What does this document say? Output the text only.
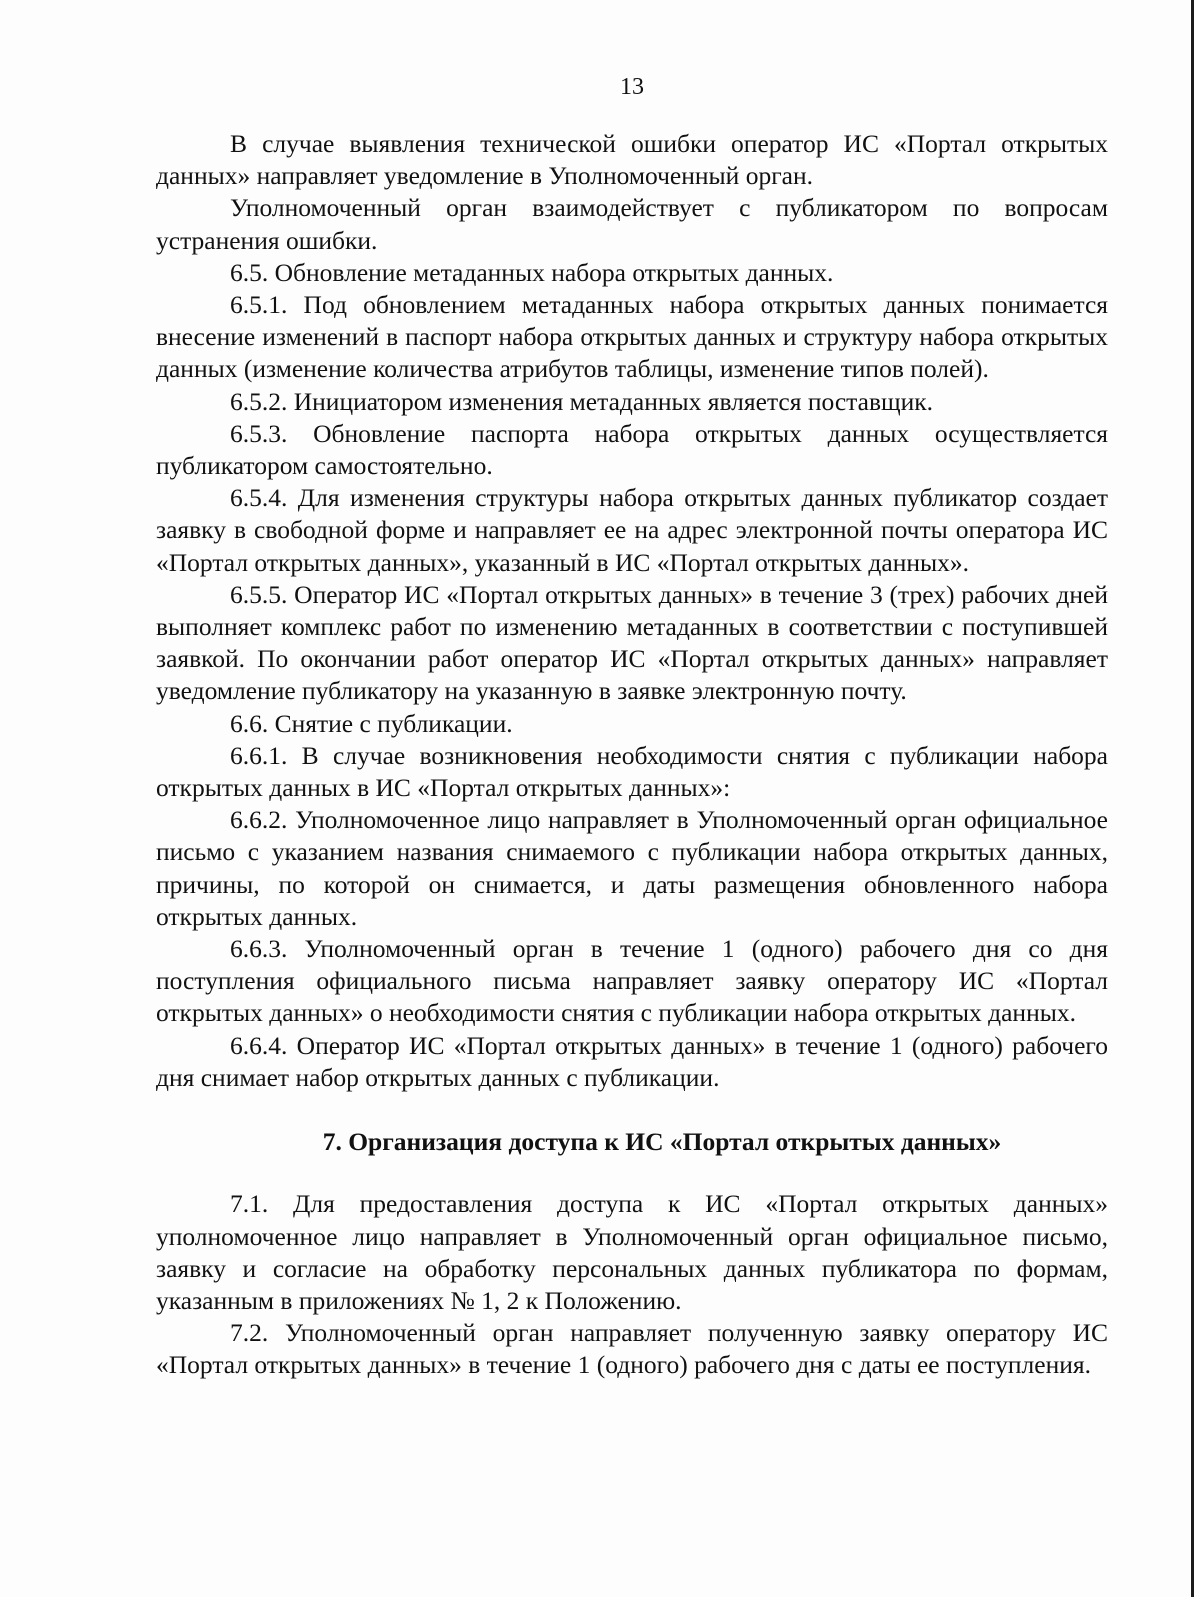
13

В случае выявления технической ошибки оператор ИС «Портал открытых данных» направляет уведомление в Уполномоченный орган.

Уполномоченный орган взаимодействует с публикатором по вопросам устранения ошибки.

6.5. Обновление метаданных набора открытых данных.

6.5.1. Под обновлением метаданных набора открытых данных понимается внесение изменений в паспорт набора открытых данных и структуру набора открытых данных (изменение количества атрибутов таблицы, изменение типов полей).

6.5.2. Инициатором изменения метаданных является поставщик.

6.5.3. Обновление паспорта набора открытых данных осуществляется публикатором самостоятельно.

6.5.4. Для изменения структуры набора открытых данных публикатор создает заявку в свободной форме и направляет ее на адрес электронной почты оператора ИС «Портал открытых данных», указанный в ИС «Портал открытых данных».

6.5.5. Оператор ИС «Портал открытых данных» в течение 3 (трех) рабочих дней выполняет комплекс работ по изменению метаданных в соответствии с поступившей заявкой. По окончании работ оператор ИС «Портал открытых данных» направляет уведомление публикатору на указанную в заявке электронную почту.

6.6. Снятие с публикации.

6.6.1. В случае возникновения необходимости снятия с публикации набора открытых данных в ИС «Портал открытых данных»:

6.6.2. Уполномоченное лицо направляет в Уполномоченный орган официальное письмо с указанием названия снимаемого с публикации набора открытых данных, причины, по которой он снимается, и даты размещения обновленного набора открытых данных.

6.6.3. Уполномоченный орган в течение 1 (одного) рабочего дня со дня поступления официального письма направляет заявку оператору ИС «Портал открытых данных» о необходимости снятия с публикации набора открытых данных.

6.6.4. Оператор ИС «Портал открытых данных» в течение 1 (одного) рабочего дня снимает набор открытых данных с публикации.

7. Организация доступа к ИС «Портал открытых данных»

7.1. Для предоставления доступа к ИС «Портал открытых данных» уполномоченное лицо направляет в Уполномоченный орган официальное письмо, заявку и согласие на обработку персональных данных публикатора по формам, указанным в приложениях № 1, 2 к Положению.

7.2. Уполномоченный орган направляет полученную заявку оператору ИС «Портал открытых данных» в течение 1 (одного) рабочего дня с даты ее поступления.
